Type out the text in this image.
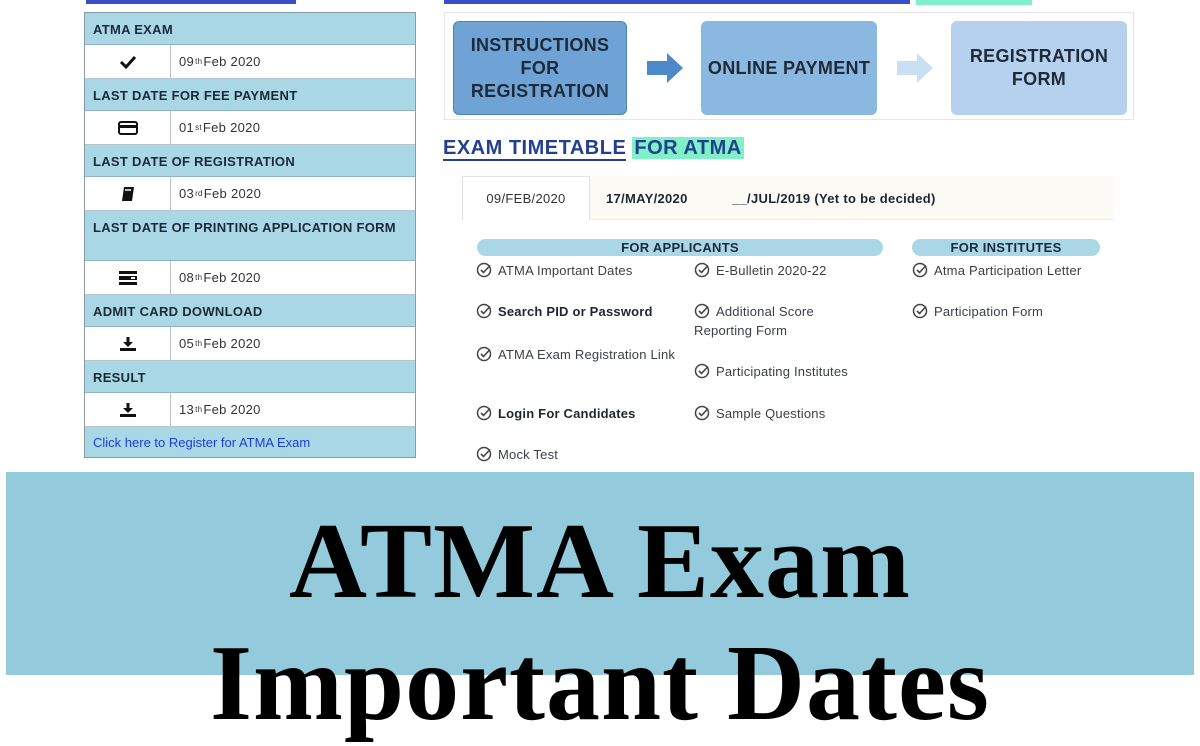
ATMA EXAM
09 th Feb 2020
LAST DATE FOR FEE PAYMENT
01 st Feb 2020
LAST DATE OF REGISTRATION
03 rd Feb 2020
LAST DATE OF PRINTING APPLICATION FORM
08 th Feb 2020
ADMIT CARD DOWNLOAD
05 th Feb 2020
RESULT
13 th Feb 2020
Click here to Register for ATMA Exam
INSTRUCTIONS FOR REGISTRATION
ONLINE PAYMENT
REGISTRATION FORM
EXAM TIMETABLE FOR ATMA
09/FEB/2020	17/MAY/2020	__/JUL/2019 (Yet to be decided)
FOR APPLICANTS	FOR INSTITUTES
ATMA Important Dates
Search PID or Password
ATMA Exam Registration Link
Login For Candidates
Mock Test
E-Bulletin 2020-22
Additional Score Reporting Form
Participating Institutes
Sample Questions
Atma Participation Letter
Participation Form
ATMA Exam
Important Dates
